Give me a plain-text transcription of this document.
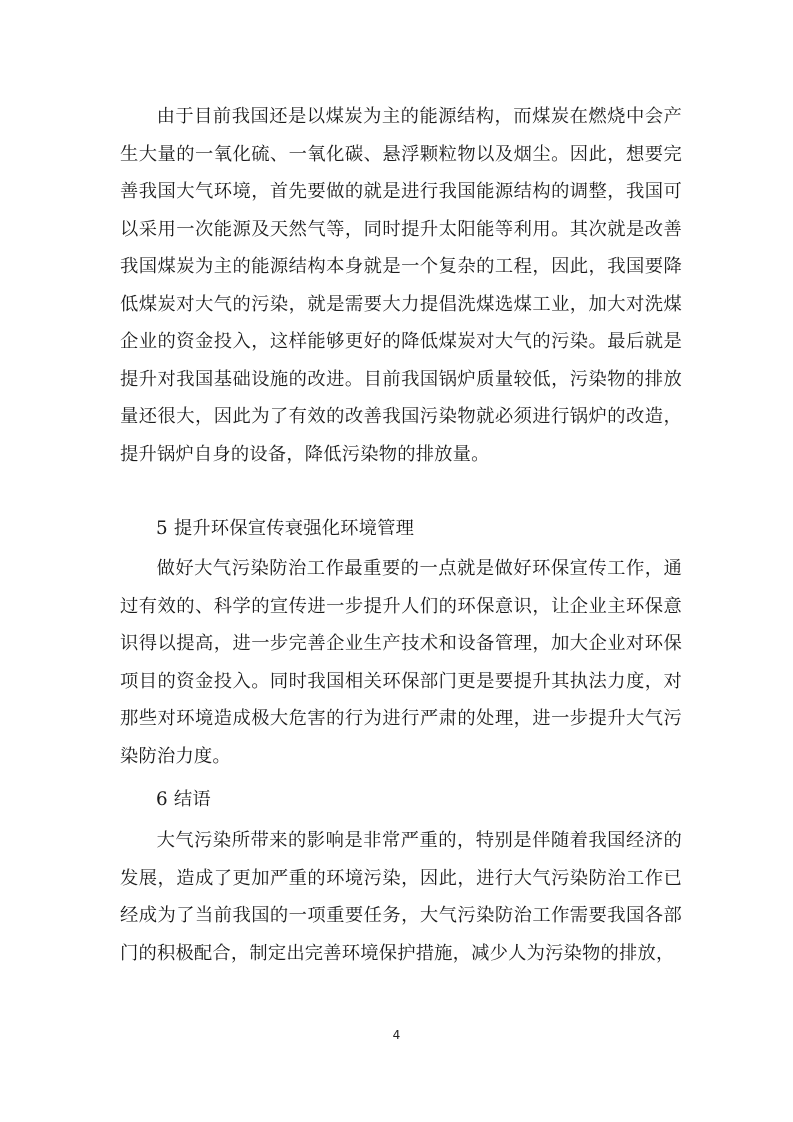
由于目前我国还是以煤炭为主的能源结构，而煤炭在燃烧中会产生大量的一氧化硫、一氧化碳、悬浮颗粒物以及烟尘。因此，想要完善我国大气环境，首先要做的就是进行我国能源结构的调整，我国可以采用一次能源及天然气等，同时提升太阳能等利用。其次就是改善我国煤炭为主的能源结构本身就是一个复杂的工程，因此，我国要降低煤炭对大气的污染，就是需要大力提倡洗煤选煤工业，加大对洗煤企业的资金投入，这样能够更好的降低煤炭对大气的污染。最后就是提升对我国基础设施的改进。目前我国锅炉质量较低，污染物的排放量还很大，因此为了有效的改善我国污染物就必须进行锅炉的改造，提升锅炉自身的设备，降低污染物的排放量。

5 提升环保宣传衰强化环境管理

做好大气污染防治工作最重要的一点就是做好环保宣传工作，通过有效的、科学的宣传进一步提升人们的环保意识，让企业主环保意识得以提高，进一步完善企业生产技术和设备管理，加大企业对环保项目的资金投入。同时我国相关环保部门更是要提升其执法力度，对那些对环境造成极大危害的行为进行严肃的处理，进一步提升大气污染防治力度。

6 结语

大气污染所带来的影响是非常严重的，特别是伴随着我国经济的发展，造成了更加严重的环境污染，因此，进行大气污染防治工作已经成为了当前我国的一项重要任务，大气污染防治工作需要我国各部门的积极配合，制定出完善环境保护措施，减少人为污染物的排放，

4
